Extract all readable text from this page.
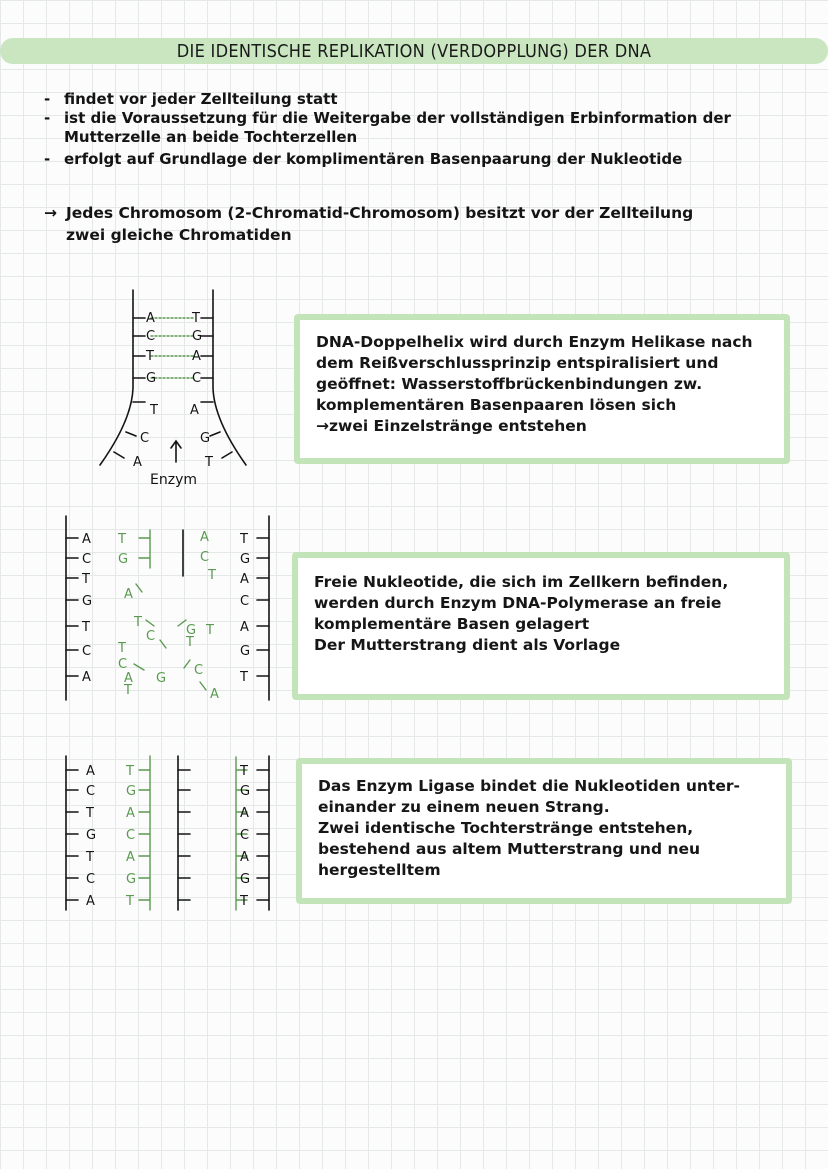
DIE IDENTISCHE REPLIKATION (VERDOPPLUNG) DER DNA
- findet vor jeder Zellteilung statt
- ist die Voraussetzung für die Weitergabe der vollständigen Erbinformation der Mutterzelle an beide Tochterzellen
- erfolgt auf Grundlage der komplimentären Basenpaarung der Nukleotide
→ Jedes Chromosom (2-Chromatid-Chromosom) besitzt vor der Zellteilung
zwei gleiche Chromatiden
A
C
T
G
T
G
A
C
T
C
A
A
G
T
Enzym
A
C
T
G
T
C
A
T
G
A
C
A
G
T
T
G
A
C
T
A
T
C
T
C
A
T
G
G
T
T
C
A
A
C
T
G
T
C
A
T
G
A
C
A
G
T
T
G
A
C
A
G
T
DNA-Doppelhelix wird durch Enzym Helikase nach
dem Reißverschlussprinzip entspiralisiert und
geöffnet: Wasserstoffbrückenbindungen zw.
komplementären Basenpaaren lösen sich
→zwei Einzelstränge entstehen
Freie Nukleotide, die sich im Zellkern befinden,
werden durch Enzym DNA-Polymerase an freie
komplementäre Basen gelagert
Der Mutterstrang dient als Vorlage
Das Enzym Ligase bindet die Nukleotiden unter-
einander zu einem neuen Strang.
Zwei identische Tochterstränge entstehen,
bestehend aus altem Mutterstrang und neu
hergestelltem
